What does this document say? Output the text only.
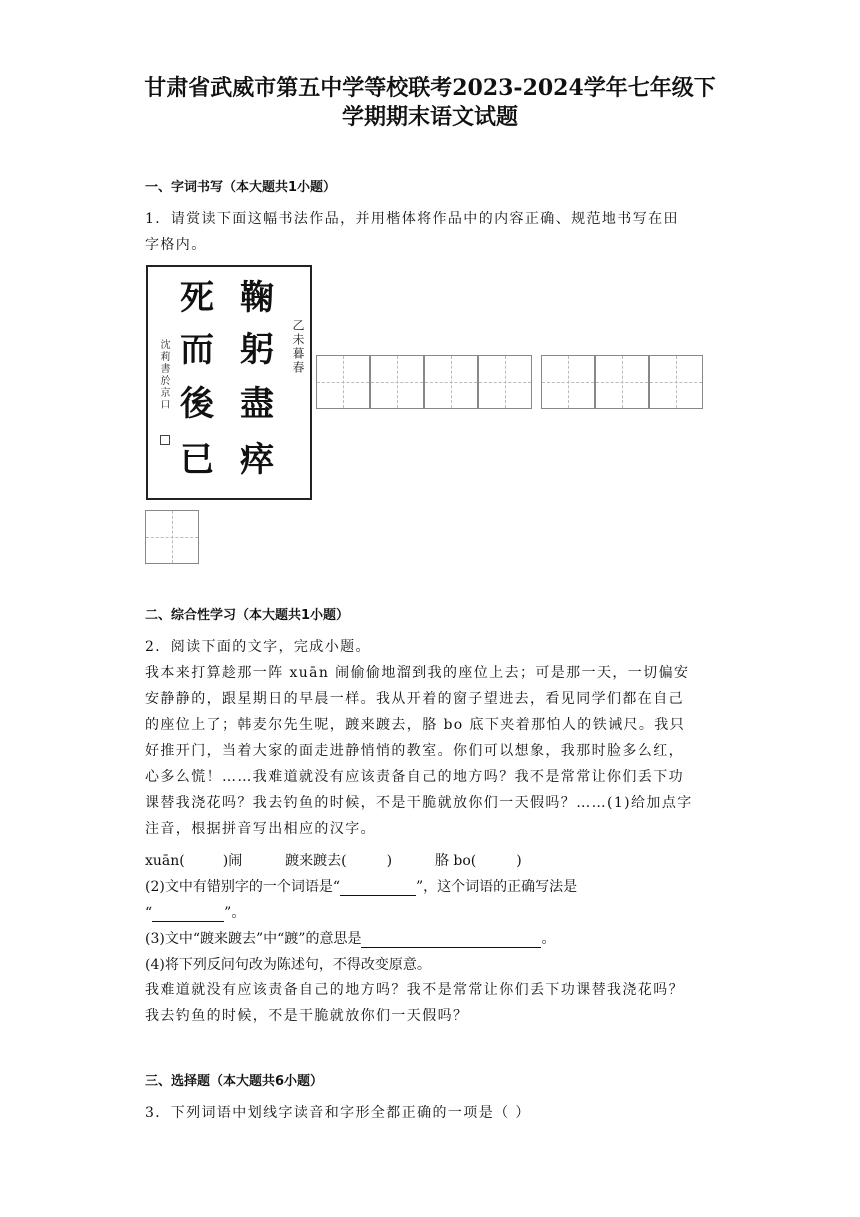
甘肃省武威市第五中学等校联考2023-2024学年七年级下
学期期末语文试题
一、字词书写（本大题共1小题）
1．请赏读下面这幅书法作品，并用楷体将作品中的内容正确、规范地书写在田
字格内。
鞠
躬
盡
瘁
死
而
後
已
乙未暮春
沈莉書於京口
二、综合性学习（本大题共1小题）
2．阅读下面的文字，完成小题。
我本来打算趁那一阵 xuān 闹偷偷地溜到我的座位上去；可是那一天，一切偏安
安静静的，跟星期日的早晨一样。我从开着的窗子望进去，看见同学们都在自己
的座位上了；韩麦尔先生呢，踱来踱去，胳 bo 底下夹着那怕人的铁诫尺。我只
好推开门，当着大家的面走进静悄悄的教室。你们可以想象，我那时脸多么红，
心多么慌！……我难道就没有应该责备自己的地方吗？我不是常常让你们丢下功
课替我浇花吗？我去钓鱼的时候，不是干脆就放你们一天假吗？……(1)给加点字
注音，根据拼音写出相应的汉字。
xuān(	)闹	踱来踱去(	)	胳 bo(	)
(2)文中有错别字的一个词语是“	”，这个词语的正确写法是
“	”。
(3)文中“踱来踱去”中“踱”的意思是	。
(4)将下列反问句改为陈述句，不得改变原意。
我难道就没有应该责备自己的地方吗？我不是常常让你们丢下功课替我浇花吗？
我去钓鱼的时候，不是干脆就放你们一天假吗？
三、选择题（本大题共6小题）
3．下列词语中划线字读音和字形全都正确的一项是（ ）
